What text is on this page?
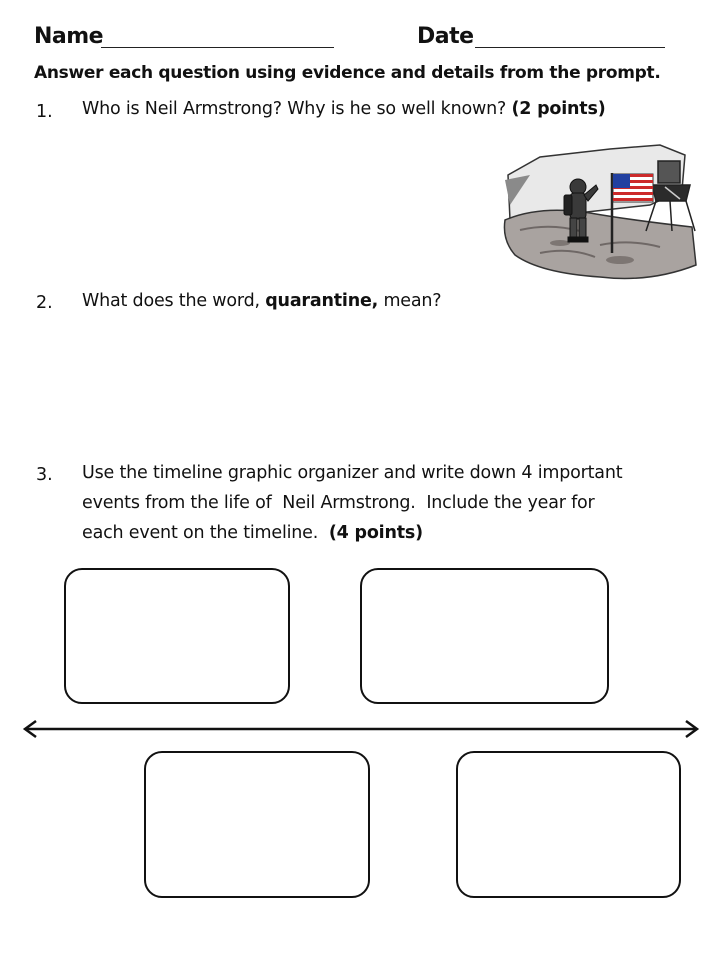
Name	Date
Answer each question using evidence and details from the prompt.
1. Who is Neil Armstrong? Why is he so well known? (2 points)
2. What does the word, quarantine, mean?
3. Use the timeline graphic organizer and write down 4 important
events from the life of  Neil Armstrong.  Include the year for
each event on the timeline.  (4 points)
